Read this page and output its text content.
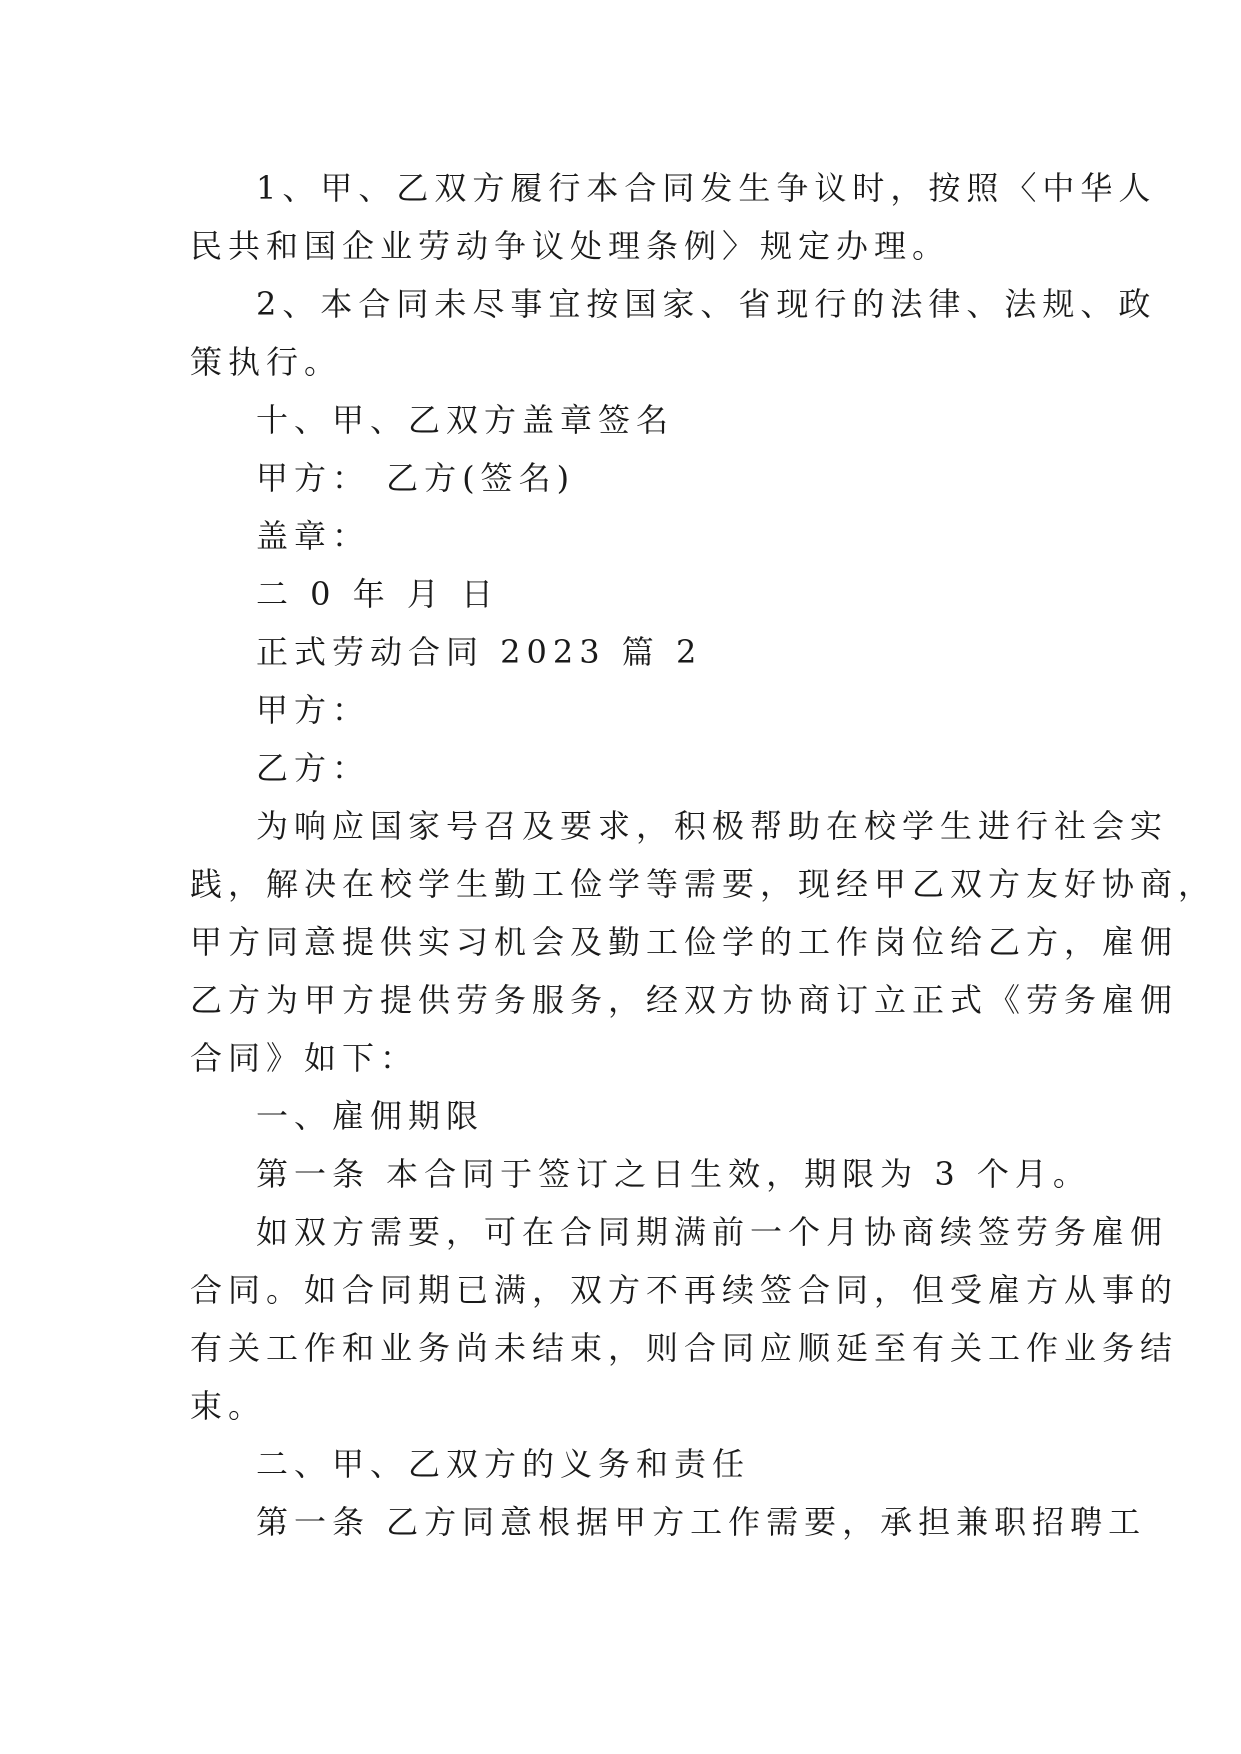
1、甲、乙双方履行本合同发生争议时，按照〈中华人
民共和国企业劳动争议处理条例〉规定办理。
2、本合同未尽事宜按国家、省现行的法律、法规、政
策执行。
十、甲、乙双方盖章签名
甲方： 乙方(签名)
盖章：
二 0 年 月 日
正式劳动合同 2023 篇 2
甲方：
乙方：
为响应国家号召及要求，积极帮助在校学生进行社会实
践，解决在校学生勤工俭学等需要，现经甲乙双方友好协商，
甲方同意提供实习机会及勤工俭学的工作岗位给乙方，雇佣
乙方为甲方提供劳务服务，经双方协商订立正式《劳务雇佣
合同》如下：
一、雇佣期限
第一条 本合同于签订之日生效，期限为 3 个月。
如双方需要，可在合同期满前一个月协商续签劳务雇佣
合同。如合同期已满，双方不再续签合同，但受雇方从事的
有关工作和业务尚未结束，则合同应顺延至有关工作业务结
束。
二、甲、乙双方的义务和责任
第一条 乙方同意根据甲方工作需要，承担兼职招聘工
